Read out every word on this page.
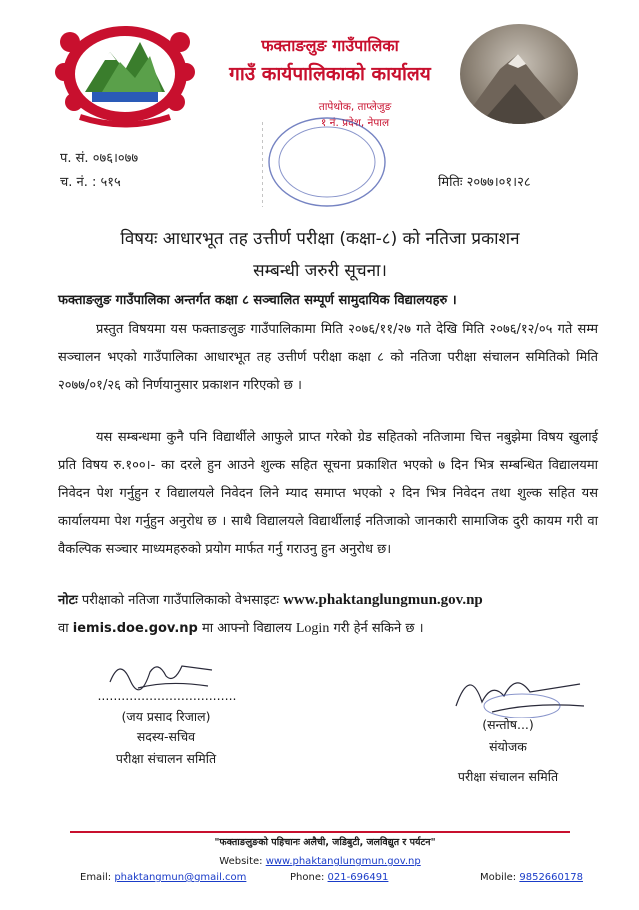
फक्ताङलुङ गाउँपालिका
गाउँ कार्यपालिकाको कार्यालय
तापेथोक, ताप्लेजुङ
१ नं. प्रदेश, नेपाल
प. सं. ०७६।०७७
च. नं. : ५१५	मितिः २०७७।०१।२८
विषयः आधारभूत तह उत्तीर्ण परीक्षा (कक्षा-८) को नतिजा प्रकाशन
सम्बन्धी जरुरी सूचना।
फक्ताङलुङ गाउँपालिका अन्तर्गत कक्षा ८ सञ्चालित सम्पूर्ण सामुदायिक विद्यालयहरु ।
प्रस्तुत विषयमा यस फक्ताङलुङ गाउँपालिकामा मिति २०७६/११/२७ गते देखि मिति २०७६/१२/०५ गते सम्म सञ्चालन भएको गाउँपालिका आधारभूत तह उत्तीर्ण परीक्षा कक्षा ८ को नतिजा परीक्षा संचालन समितिको मिति २०७७/०१/२६ को निर्णयानुसार प्रकाशन गरिएको छ ।
यस सम्बन्धमा कुनै पनि विद्यार्थीले आफुले प्राप्त गरेको ग्रेड सहितको नतिजामा चित्त नबुझेमा विषय खुलाई प्रति विषय रु.१००।- का दरले हुन आउने शुल्क सहित सूचना प्रकाशित भएको ७ दिन भित्र सम्बन्धित विद्यालयमा निवेदन पेश गर्नुहुन र विद्यालयले निवेदन लिने म्याद समाप्त भएको २ दिन भित्र निवेदन तथा शुल्क सहित यस कार्यालयमा पेश गर्नुहुन अनुरोध छ । साथै विद्यालयले विद्यार्थीलाई नतिजाको जानकारी सामाजिक दुरी कायम गरी वा वैकल्पिक सञ्चार माध्यमहरुको प्रयोग मार्फत गर्नु गराउनु हुन अनुरोध छ।
नोटः परीक्षाको नतिजा गाउँपालिकाको वेभसाइटः www.phaktanglungmun.gov.np
वा iemis.doe.gov.np मा आफ्नो विद्यालय Login गरी हेर्न सकिने छ ।
...................................
(जय प्रसाद रिजाल)
सदस्य-सचिव
परीक्षा संचालन समिति
(सन्तोष...)
संयोजक
परीक्षा संचालन समिति
"फक्ताङलुङको पहिचानः अलैची, जडिबुटी, जलविद्युत र पर्यटन"
Website: www.phaktanglungmun.gov.np
Email: phaktangmun@gmail.com	Phone: 021-696491	Mobile: 9852660178
